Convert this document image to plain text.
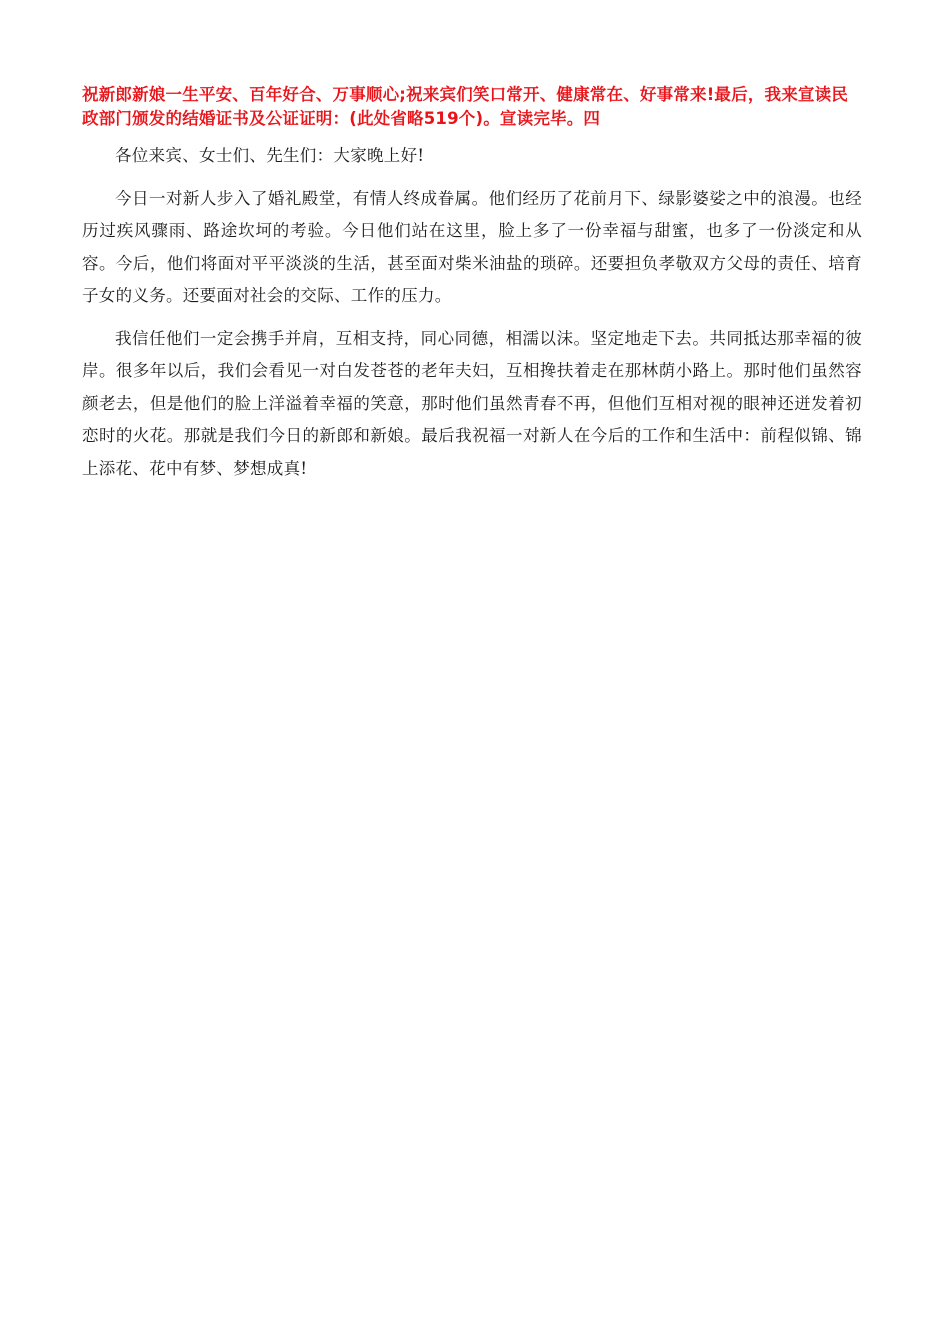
祝新郎新娘一生平安、百年好合、万事顺心;祝来宾们笑口常开、健康常在、好事常来!最后，我来宣读民政部门颁发的结婚证书及公证证明：(此处省略519个)。宣读完毕。四

各位来宾、女士们、先生们：大家晚上好!

今日一对新人步入了婚礼殿堂，有情人终成眷属。他们经历了花前月下、绿影婆娑之中的浪漫。也经历过疾风骤雨、路途坎坷的考验。今日他们站在这里，脸上多了一份幸福与甜蜜，也多了一份淡定和从容。今后，他们将面对平平淡淡的生活，甚至面对柴米油盐的琐碎。还要担负孝敬双方父母的责任、培育子女的义务。还要面对社会的交际、工作的压力。

我信任他们一定会携手并肩，互相支持，同心同德，相濡以沫。坚定地走下去。共同抵达那幸福的彼岸。很多年以后，我们会看见一对白发苍苍的老年夫妇，互相搀扶着走在那林荫小路上。那时他们虽然容颜老去，但是他们的脸上洋溢着幸福的笑意，那时他们虽然青春不再，但他们互相对视的眼神还迸发着初恋时的火花。那就是我们今日的新郎和新娘。最后我祝福一对新人在今后的工作和生活中：前程似锦、锦上添花、花中有梦、梦想成真!
